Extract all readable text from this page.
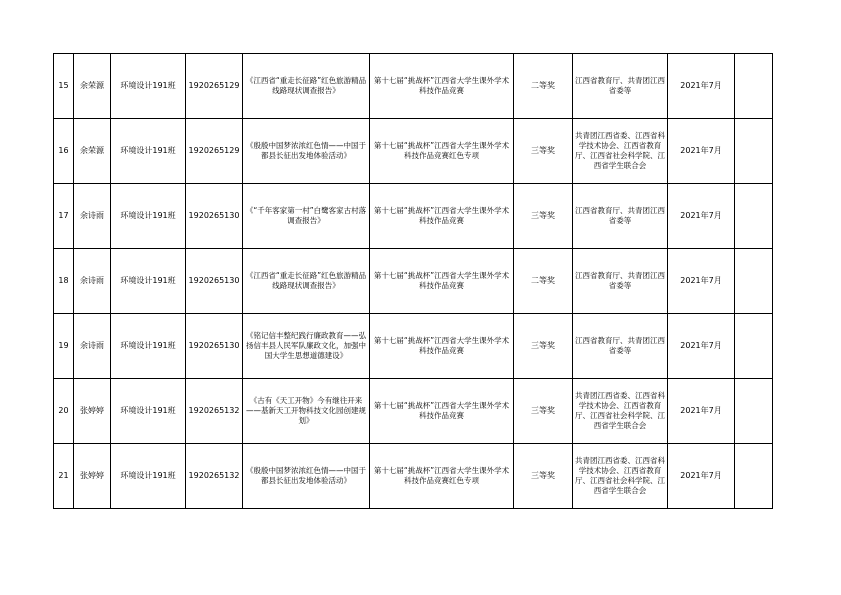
15	余荣源	环境设计191班	1920265129	《江西省“重走长征路”红色旅游精品线路现状调查报告》	第十七届“挑战杯”江西省大学生课外学术科技作品竞赛	二等奖	江西省教育厅、共青团江西省委等	2021年7月	
16	余荣源	环境设计191班	1920265129	《殷殷中国梦浓浓红色情——中国于都县长征出发地体验活动》	第十七届“挑战杯”江西省大学生课外学术科技作品竞赛红色专项	三等奖	共青团江西省委、江西省科学技术协会、江西省教育厅、江西省社会科学院、江西省学生联合会	2021年7月	
17	余诗雨	环境设计191班	1920265130	《“千年客家第一村”白鹭客家古村落调查报告》	第十七届“挑战杯”江西省大学生课外学术科技作品竞赛	三等奖	江西省教育厅、共青团江西省委等	2021年7月	
18	余诗雨	环境设计191班	1920265130	《江西省“重走长征路”红色旅游精品线路现状调查报告》	第十七届“挑战杯”江西省大学生课外学术科技作品竞赛	二等奖	江西省教育厅、共青团江西省委等	2021年7月	
19	余诗雨	环境设计191班	1920265130	《铭记信丰整纪践行廉政教育——弘扬信丰县人民军队廉政文化，加强中国大学生思想道德建设》	第十七届“挑战杯”江西省大学生课外学术科技作品竞赛	三等奖	江西省教育厅、共青团江西省委等	2021年7月	
20	张婷婷	环境设计191班	1920265132	《古有《天工开物》今有继往开来——基新天工开物科技文化园创建规划》	第十七届“挑战杯”江西省大学生课外学术科技作品竞赛	三等奖	共青团江西省委、江西省科学技术协会、江西省教育厅、江西省社会科学院、江西省学生联合会	2021年7月	
21	张婷婷	环境设计191班	1920265132	《殷殷中国梦浓浓红色情——中国于都县长征出发地体验活动》	第十七届“挑战杯”江西省大学生课外学术科技作品竞赛红色专项	三等奖	共青团江西省委、江西省科学技术协会、江西省教育厅、江西省社会科学院、江西省学生联合会	2021年7月	
